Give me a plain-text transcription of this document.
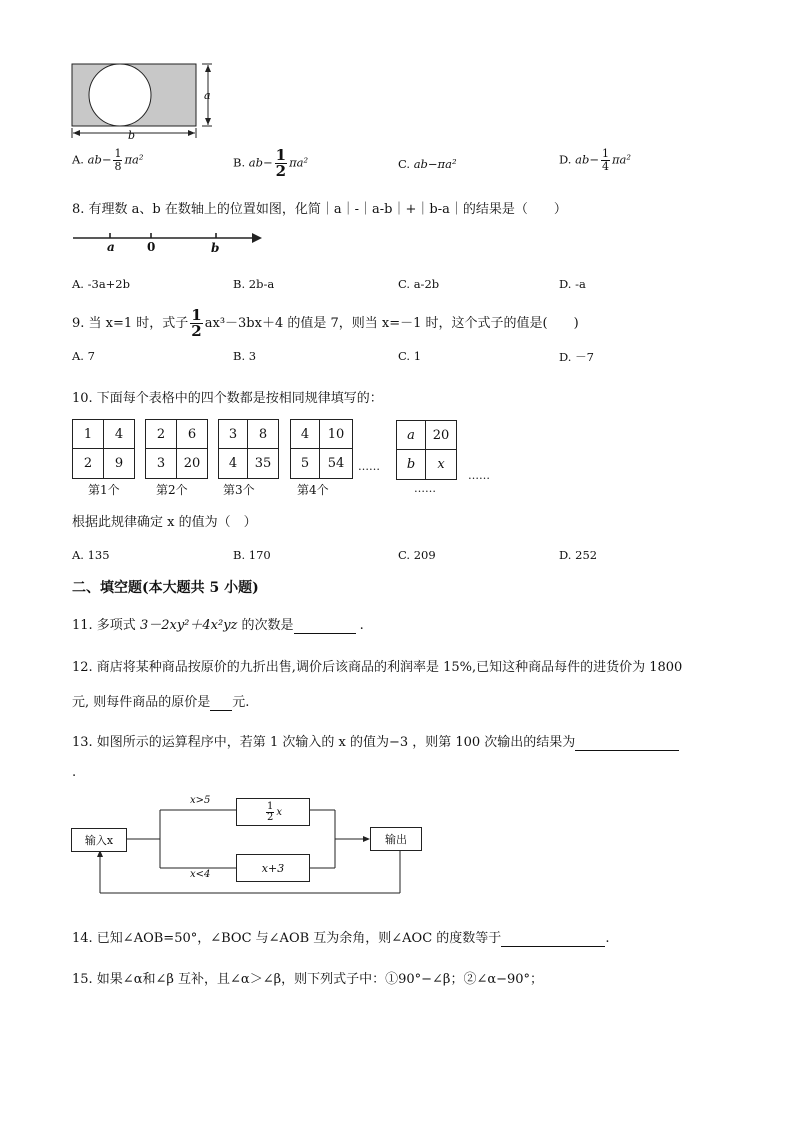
a
b
A. $ab- \frac{1}{8} \pi a^2$	B. $ab- \frac{1}{2} \pi a^2$	C. ab−πa²	D. $ab- \frac{1}{4} \pi a^2$
8. 有理数 a、b 在数轴上的位置如图，化简｜a｜-｜a-b｜+｜b-a｜的结果是（　　）
a	0	b
A. -3a+2b	B. 2b-a	C. a-2b	D. -a
9. 当 x=1 时，式子 $\frac{1}{2} ax^3-3bx+4$ 的值是 7，则当 x=－1 时，这个式子的值是(　　)
A. 7	B. 3	C. 1	D. －7
10. 下面每个表格中的四个数都是按相同规律填写的：
1	4
2	9
2	6
3	20
3	8
4	35
4	10
5	54 ……
a	20
b	x
……
第1个	第2个	第3个	第4个	……
根据此规律确定 x 的值为（　）
A. 135	B. 170	C. 209	D. 252
二、填空题(本大题共 5 小题)
11. 多项式 3－2xy²＋4x²yz 的次数是	.
12. 商店将某种商品按原价的九折出售,调价后该商品的利润率是 15%,已知这种商品每件的进货价为 1800
元, 则每件商品的原价是 元.
13. 如图所示的运算程序中，若第 1 次输入的 x 的值为−3 ，则第 100 次输出的结果为
.
输入x	输出
$\frac{1}{2}$ x
x+3
x>5
x<4
14. 已知∠AOB=50°，∠BOC 与∠AOB 互为余角，则∠AOC 的度数等于	.
15. 如果∠α和∠β 互补，且∠α＞∠β，则下列式子中：①90°−∠β；②∠α−90°；
